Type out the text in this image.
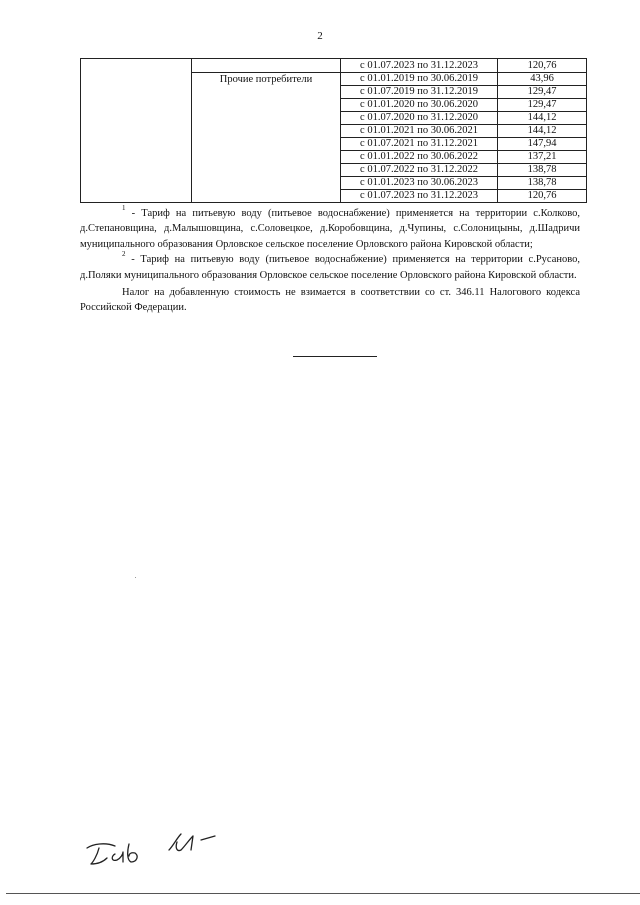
2
		с 01.07.2023 по 31.12.2023	120,76
	Прочие потребители	с 01.01.2019 по 30.06.2019	43,96
		с 01.07.2019 по 31.12.2019	129,47
		с 01.01.2020 по 30.06.2020	129,47
		с 01.07.2020 по 31.12.2020	144,12
		с 01.01.2021 по 30.06.2021	144,12
		с 01.07.2021 по 31.12.2021	147,94
		с 01.01.2022 по 30.06.2022	137,21
		с 01.07.2022 по 31.12.2022	138,78
		с 01.01.2023 по 30.06.2023	138,78
		с 01.07.2023 по 31.12.2023	120,76

$^1$ - Тариф на питьевую воду (питьевое водоснабжение) применяется на территории с.Колково, д.Степановщина, д.Малышовщина, с.Соловецкое, д.Коробовщина, д.Чупины, с.Солоницыны, д.Шадричи муниципального образования Орловское сельское поселение Орловского района Кировской области;

$^2$ - Тариф на питьевую воду (питьевое водоснабжение) применяется на территории с.Русаново, д.Поляки муниципального образования Орловское сельское поселение Орловского района Кировской области.

Налог на добавленную стоимость не взимается в соответствии со ст. 346.11 Налогового кодекса Российской Федерации.
